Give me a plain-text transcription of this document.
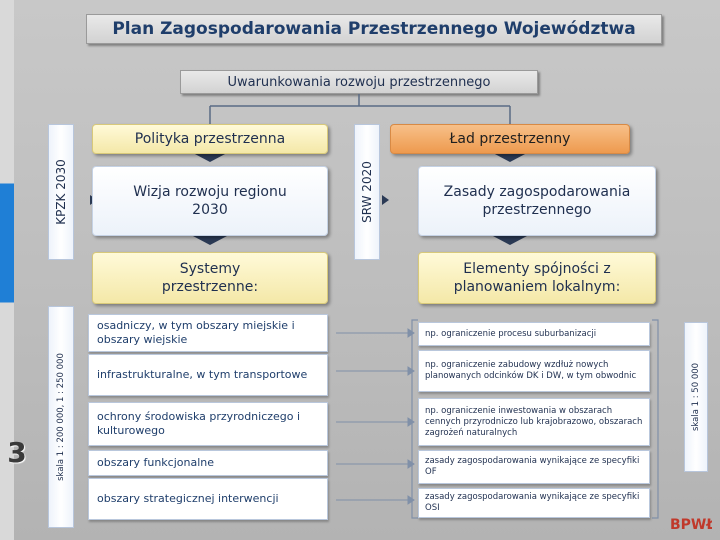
Plan Zagospodarowania Przestrzennego Województwa
Uwarunkowania rozwoju przestrzennego
Polityka przestrzenna	Ład przestrzenny
Wizja rozwoju regionu 2030
Zasady zagospodarowania przestrzennego
Systemy przestrzenne:
Elementy spójności z planowaniem lokalnym:
KPZK 2030	SRW 2020
skala 1 : 200 000, 1 : 250 000	skala 1 : 50 000
osadniczy, w tym obszary miejskie i obszary wiejskie
infrastrukturalne, w tym transportowe
ochrony środowiska przyrodniczego i kulturowego
obszary funkcjonalne
obszary strategicznej interwencji
np. ograniczenie procesu suburbanizacji
np. ograniczenie zabudowy wzdłuż nowych planowanych odcinków DK i DW, w tym obwodnic
np. ograniczenie inwestowania w obszarach cennych przyrodniczo lub krajobrazowo, obszarach zagrożeń naturalnych
zasady zagospodarowania wynikające ze specyfiki OF
zasady zagospodarowania wynikające ze specyfiki OSI
3
BPWŁ
